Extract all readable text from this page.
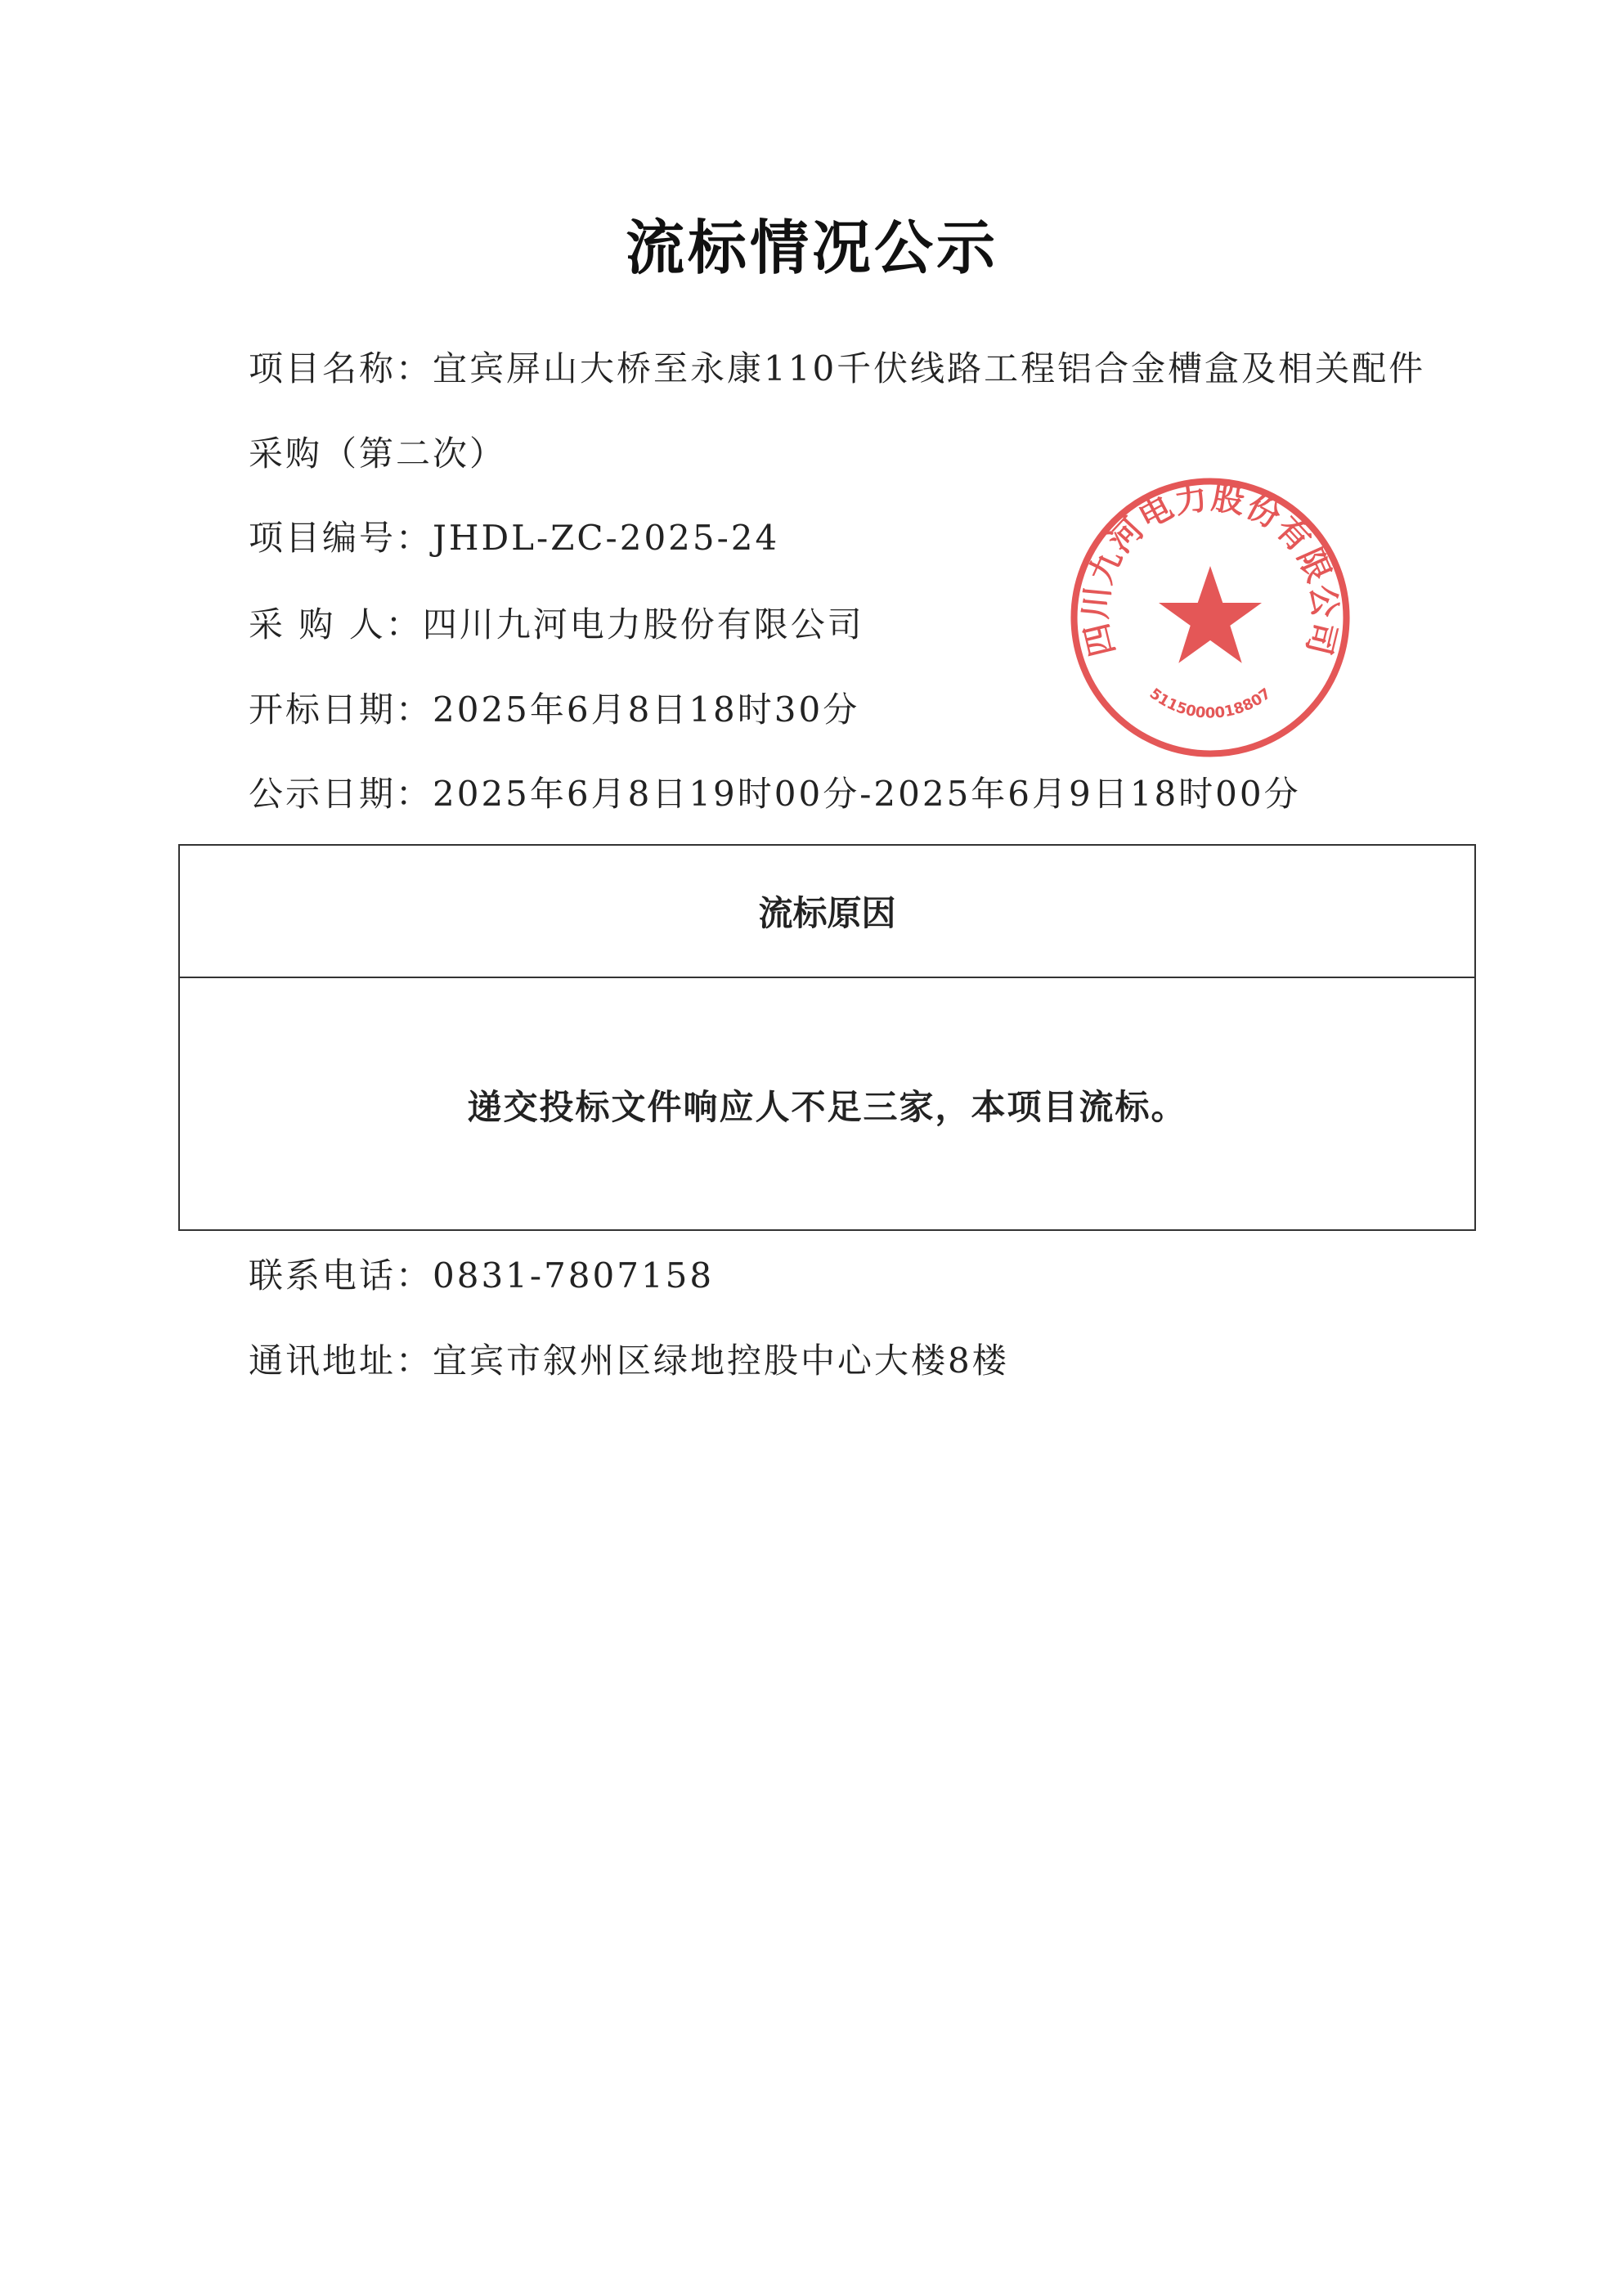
流标情况公示
项目名称：宜宾屏山大桥至永康110千伏线路工程铝合金槽盒及相关配件
采购（第二次）
项目编号：JHDL-ZC-2025-24
采 购 人：四川九河电力股份有限公司
开标日期：2025年6月8日18时30分
公示日期：2025年6月8日19时00分-2025年6月9日18时00分
流标原因
递交投标文件响应人不足三家，本项目流标。
联系电话：0831-7807158
通讯地址：宜宾市叙州区绿地控股中心大楼8楼
四川九河电力股份有限公司
5115000018807
